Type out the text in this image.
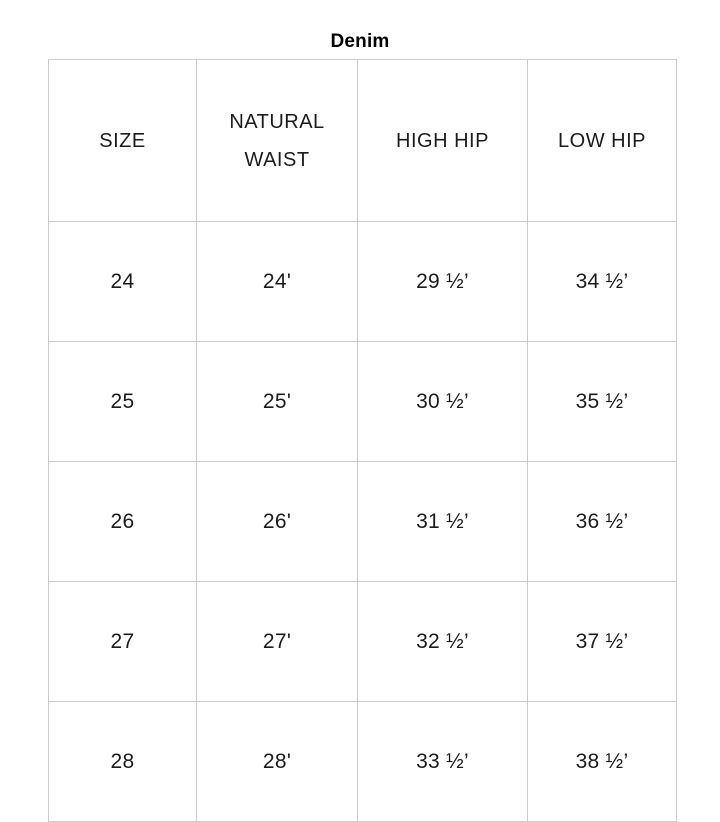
Denim
SIZE	NATURAL WAIST	HIGH HIP	LOW HIP
24	24'	29 ½’	34 ½’
25	25'	30 ½’	35 ½’
26	26'	31 ½’	36 ½’
27	27'	32 ½’	37 ½’
28	28'	33 ½’	38 ½’
